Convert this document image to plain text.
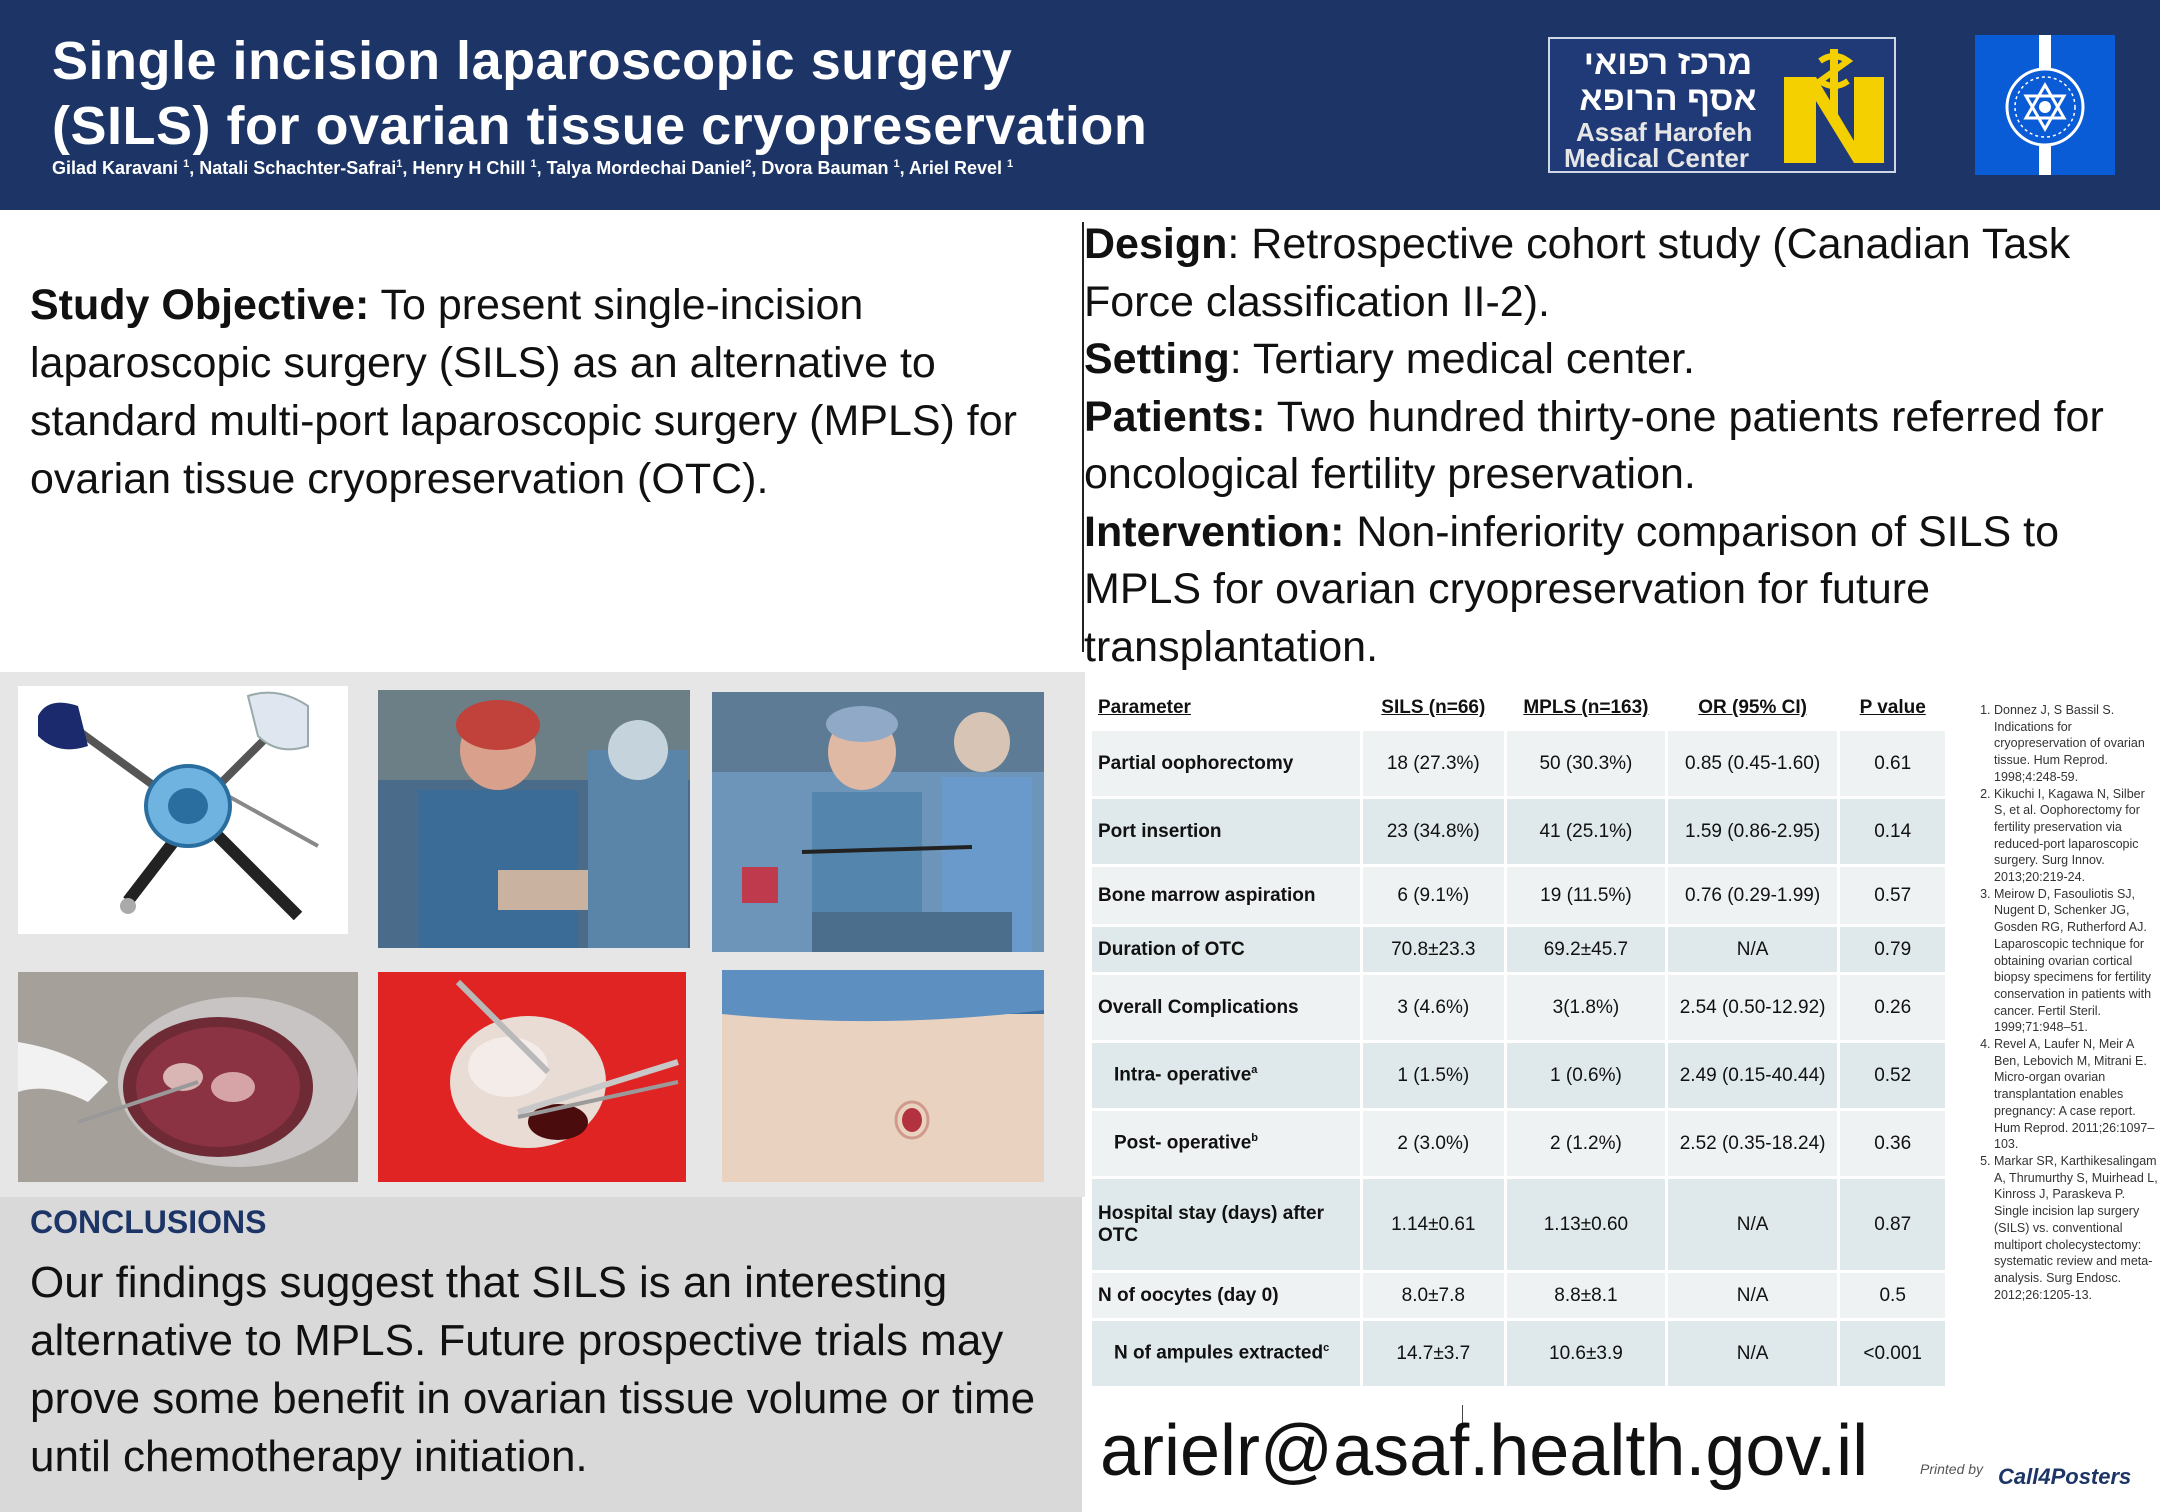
Single incision laparoscopic surgery
(SILS) for ovarian tissue cryopreservation
Gilad Karavani $^1$, Natali Schachter-Safrai$^1$, Henry H Chill $^1$, Talya Mordechai Daniel$^2$, Dvora Bauman $^1$, Ariel Revel $^1$
מרכז רפואי
אסף הרופא
Assaf Harofeh
Medical Center
Study Objective: To present single-incision laparoscopic surgery (SILS) as an alternative to standard multi-port laparoscopic surgery (MPLS) for ovarian tissue cryopreservation (OTC).
Design: Retrospective cohort study (Canadian Task Force classification II-2).
Setting: Tertiary medical center.
Patients: Two hundred thirty-one patients referred for oncological fertility preservation.
Intervention: Non-inferiority comparison of SILS to MPLS for ovarian cryopreservation for future transplantation.
CONCLUSIONS
Our findings suggest that SILS is an interesting alternative to MPLS. Future prospective trials may prove some benefit in ovarian tissue volume or time until chemotherapy initiation.
Parameter	SILS (n=66)	MPLS (n=163)	OR (95% CI)	P value
Partial oophorectomy	18 (27.3%)	50 (30.3%)	0.85 (0.45-1.60)	0.61
Port insertion	23 (34.8%)	41 (25.1%)	1.59 (0.86-2.95)	0.14
Bone marrow aspiration	6 (9.1%)	19 (11.5%)	0.76 (0.29-1.99)	0.57
Duration of OTC	70.8±23.3	69.2±45.7	N/A	0.79
Overall Complications	3 (4.6%)	3(1.8%)	2.54 (0.50-12.92)	0.26
Intra- operative$^a$	1 (1.5%)	1 (0.6%)	2.49 (0.15-40.44)	0.52
Post- operative$^b$	2 (3.0%)	2 (1.2%)	2.52 (0.35-18.24)	0.36
Hospital stay (days) after OTC	1.14±0.61	1.13±0.60	N/A	0.87
N of oocytes (day 0)	8.0±7.8	8.8±8.1	N/A	0.5
N of ampules extracted$^c$	14.7±3.7	10.6±3.9	N/A	<0.001
1. Donnez J, S Bassil S. Indications for cryopreservation of ovarian tissue. Hum Reprod. 1998;4:248-59.
2. Kikuchi I, Kagawa N, Silber S, et al. Oophorectomy for fertility preservation via reduced-port laparoscopic surgery. Surg Innov. 2013;20:219-24.
3. Meirow D, Fasouliotis SJ, Nugent D, Schenker JG, Gosden RG, Rutherford AJ. Laparoscopic technique for obtaining ovarian cortical biopsy specimens for fertility conservation in patients with cancer. Fertil Steril. 1999;71:948–51.
4. Revel A, Laufer N, Meir A Ben, Lebovich M, Mitrani E. Micro-organ ovarian transplantation enables pregnancy: A case report. Hum Reprod. 2011;26:1097–103.
5. Markar SR, Karthikesalingam A, Thrumurthy S, Muirhead L, Kinross J, Paraskeva P. Single incision lap surgery (SILS) vs. conventional multiport cholecystectomy: systematic review and meta-analysis. Surg Endosc. 2012;26:1205-13.
arielr@asaf.health.gov.il	Printed by Call4Posters
